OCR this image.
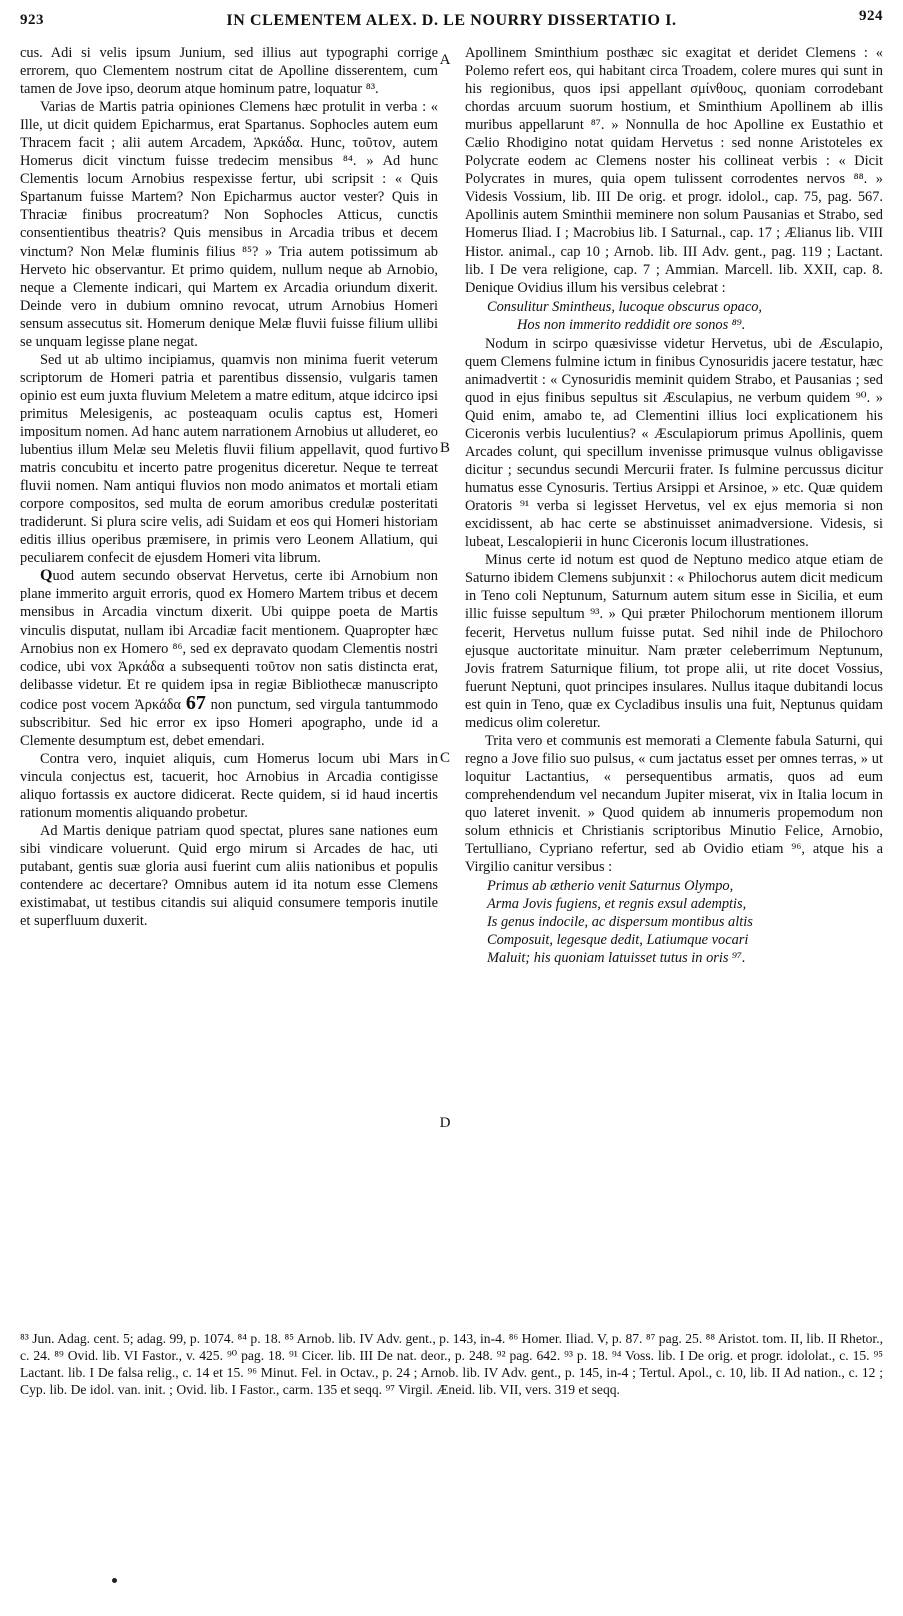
923	IN CLEMENTEM ALEX. D. LE NOURRY DISSERTATIO I.	924
A
B
C
D

cus. Adi si velis ipsum Junium, sed illius aut typographi corrige errorem, quo Clementem nostrum citat de Apolline disserentem, cum tamen de Jove ipso, deorum atque hominum patre, loquatur ⁸³.

Varias de Martis patria opiniones Clemens hæc protulit in verba : « Ille, ut dicit quidem Epicharmus, erat Spartanus. Sophocles autem eum Thracem facit ; alii autem Arcadem, Ἀρκάδα. Hunc, τοῦτον, autem Homerus dicit vinctum fuisse tredecim mensibus ⁸⁴. » Ad hunc Clementis locum Arnobius respexisse fertur, ubi scripsit : « Quis Spartanum fuisse Martem? Non Epicharmus auctor vester? Quis in Thraciæ finibus procreatum? Non Sophocles Atticus, cunctis consentientibus theatris? Quis mensibus in Arcadia tribus et decem vinctum? Non Melæ fluminis filius ⁸⁵? » Tria autem potissimum ab Herveto hic observantur. Et primo quidem, nullum neque ab Arnobio, neque a Clemente indicari, qui Martem ex Arcadia oriundum dixerit. Deinde vero in dubium omnino revocat, utrum Arnobius Homeri sensum assecutus sit. Homerum denique Melæ fluvii fuisse filium ullibi se unquam legisse plane negat.

Sed ut ab ultimo incipiamus, quamvis non minima fuerit veterum scriptorum de Homeri patria et parentibus dissensio, vulgaris tamen opinio est eum juxta fluvium Meletem a matre editum, atque idcirco ipsi primitus Melesigenis, ac posteaquam oculis captus est, Homeri impositum nomen. Ad hanc autem narrationem Arnobius ut alluderet, eo lubentius illum Melæ seu Meletis fluvii filium appellavit, quod furtivo matris concubitu et incerto patre progenitus diceretur. Neque te terreat fluvii nomen. Nam antiqui fluvios non modo animatos et mortali etiam corpore compositos, sed multa de eorum amoribus credulæ posteritati tradiderunt. Si plura scire velis, adi Suidam et eos qui Homeri historiam editis illius operibus præmisere, in primis vero Leonem Allatium, qui peculiarem confecit de ejusdem Homeri vita librum.

Quod autem secundo observat Hervetus, certe ibi Arnobium non plane immerito arguit erroris, quod ex Homero Martem tribus et decem mensibus in Arcadia vinctum dixerit. Ubi quippe poeta de Martis vinculis disputat, nullam ibi Arcadiæ facit mentionem. Quapropter hæc Arnobius non ex Homero ⁸⁶, sed ex depravato quodam Clementis nostri codice, ubi vox Ἀρκάδα a subsequenti τοῦτον non satis distincta erat, delibasse videtur. Et re quidem ipsa in regiæ Bibliothecæ manuscripto codice post vocem Ἀρκάδα 67 non punctum, sed virgula tantummodo subscribitur. Sed hic error ex ipso Homeri apographo, unde id a Clemente desumptum est, debet emendari.

Contra vero, inquiet aliquis, cum Homerus locum ubi Mars in vincula conjectus est, tacuerit, hoc Arnobius in Arcadia contigisse aliquo fortassis ex auctore didicerat. Recte quidem, si id haud incertis rationum momentis aliquando probetur.

Ad Martis denique patriam quod spectat, plures sane nationes eum sibi vindicare voluerunt. Quid ergo mirum si Arcades de hac, uti putabant, gentis suæ gloria ausi fuerint cum aliis nationibus et populis contendere ac decertare? Omnibus autem id ita notum esse Clemens existimabat, ut testibus citandis sui aliquid consumere temporis inutile et superfluum duxerit.

Apollinem Sminthium posthæc sic exagitat et deridet Clemens : « Polemo refert eos, qui habitant circa Troadem, colere mures qui sunt in his regionibus, quos ipsi appellant σμίνθους, quoniam corrodebant chordas arcuum suorum hostium, et Sminthium Apollinem ab illis muribus appellarunt ⁸⁷. » Nonnulla de hoc Apolline ex Eustathio et Cælio Rhodigino notat quidam Hervetus : sed nonne Aristoteles ex Polycrate eodem ac Clemens noster his collineat verbis : « Dicit Polycrates in mures, quia opem tulissent corrodentes nervos ⁸⁸. » Videsis Vossium, lib. III De orig. et progr. idolol., cap. 75, pag. 567. Apollinis autem Sminthii meminere non solum Pausanias et Strabo, sed Homerus Iliad. I ; Macrobius lib. I Saturnal., cap. 17 ; Ælianus lib. VIII Histor. animal., cap 10 ; Arnob. lib. III Adv. gent., pag. 119 ; Lactant. lib. I De vera religione, cap. 7 ; Ammian. Marcell. lib. XXII, cap. 8. Denique Ovidius illum his versibus celebrat :

Consulitur Smintheus, lucoque obscurus opaco,
Hos non immerito reddidit ore sonos ⁸⁹.

Nodum in scirpo quæsivisse videtur Hervetus, ubi de Æsculapio, quem Clemens fulmine ictum in finibus Cynosuridis jacere testatur, hæc animadvertit : « Cynosuridis meminit quidem Strabo, et Pausanias ; sed quod in ejus finibus sepultus sit Æsculapius, ne verbum quidem ⁹⁰. » Quid enim, amabo te, ad Clementini illius loci explicationem his Ciceronis verbis luculentius? « Æsculapiorum primus Apollinis, quem Arcades colunt, qui specillum invenisse primusque vulnus obligavisse dicitur ; secundus secundi Mercurii frater. Is fulmine percussus dicitur humatus esse Cynosuris. Tertius Arsippi et Arsinoe, » etc. Quæ quidem Oratoris ⁹¹ verba si legisset Hervetus, vel ex ejus memoria si non excidissent, ab hac certe se abstinuisset animadversione. Videsis, si lubeat, Lescalopierii in hunc Ciceronis locum illustrationes.

Minus certe id notum est quod de Neptuno medico atque etiam de Saturno ibidem Clemens subjunxit : « Philochorus autem dicit medicum in Teno coli Neptunum, Saturnum autem situm esse in Sicilia, et eum illic fuisse sepultum ⁹³. » Qui præter Philochorum mentionem illorum fecerit, Hervetus nullum fuisse putat. Sed nihil inde de Philochoro ejusque auctoritate minuitur. Nam præter celeberrimum Neptunum, Jovis fratrem Saturnique filium, tot prope alii, ut rite docet Vossius, fuerunt Neptuni, quot principes insulares. Nullus itaque dubitandi locus est quin in Teno, quæ ex Cycladibus insulis una fuit, Neptunus quidam medicus olim coleretur.

Trita vero et communis est memorati a Clemente fabula Saturni, qui regno a Jove filio suo pulsus, « cum jactatus esset per omnes terras, » ut loquitur Lactantius, « persequentibus armatis, quos ad eum comprehendendum vel necandum Jupiter miserat, vix in Italia locum in quo lateret invenit. » Quod quidem ab innumeris propemodum non solum ethnicis et Christianis scriptoribus Minutio Felice, Arnobio, Tertulliano, Cypriano refertur, sed ab Ovidio etiam ⁹⁶, atque his a Virgilio canitur versibus :

Primus ab ætherio venit Saturnus Olympo,
Arma Jovis fugiens, et regnis exsul ademptis,
Is genus indocile, ac dispersum montibus altis
Composuit, legesque dedit, Latiumque vocari
Maluit; his quoniam latuisset tutus in oris ⁹⁷.

⁸³ Jun. Adag. cent. 5; adag. 99, p. 1074. ⁸⁴ p. 18. ⁸⁵ Arnob. lib. IV Adv. gent., p. 143, in-4. ⁸⁶ Homer. Iliad. V, p. 87. ⁸⁷ pag. 25. ⁸⁸ Aristot. tom. II, lib. II Rhetor., c. 24. ⁸⁹ Ovid. lib. VI Fastor., v. 425. ⁹⁰ pag. 18. ⁹¹ Cicer. lib. III De nat. deor., p. 248. ⁹² pag. 642. ⁹³ p. 18. ⁹⁴ Voss. lib. I De orig. et progr. idololat., c. 15. ⁹⁵ Lactant. lib. I De falsa relig., c. 14 et 15. ⁹⁶ Minut. Fel. in Octav., p. 24 ; Arnob. lib. IV Adv. gent., p. 145, in-4 ; Tertul. Apol., c. 10, lib. II Ad nation., c. 12 ; Cyp. lib. De idol. van. init. ; Ovid. lib. I Fastor., carm. 135 et seqq. ⁹⁷ Virgil. Æneid. lib. VII, vers. 319 et seqq.
